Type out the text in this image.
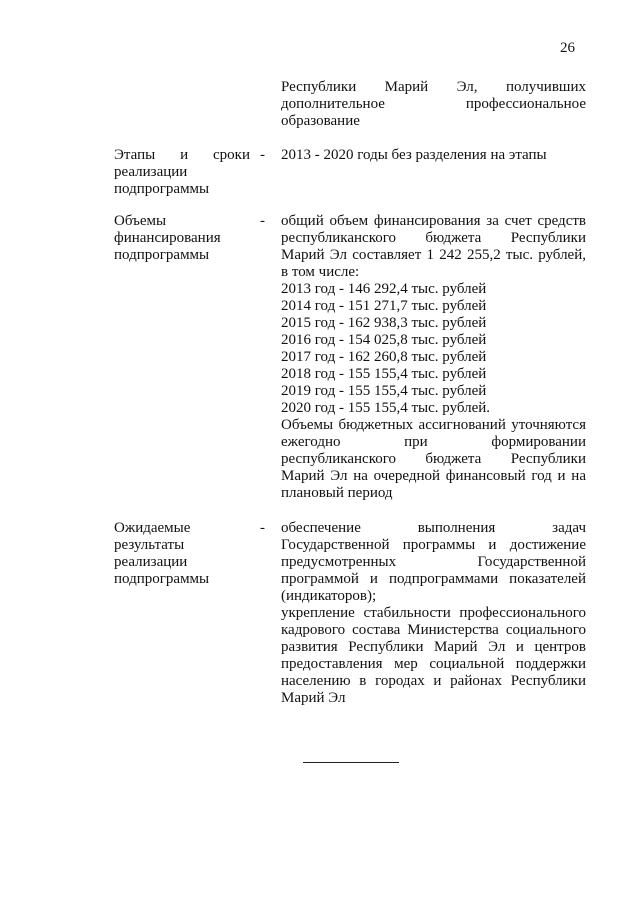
26
Республики Марий Эл, получивших
дополнительное профессиональное
образование
Этапы и сроки
реализации
подпрограммы
- 2013 - 2020 годы без разделения на этапы
Объемы
финансирования
подпрограммы
- общий объем финансирования за счет средств
республиканского бюджета Республики
Марий Эл составляет 1 242 255,2 тыс. рублей,
в том числе:
2013 год - 146 292,4 тыс. рублей
2014 год - 151 271,7 тыс. рублей
2015 год - 162 938,3 тыс. рублей
2016 год - 154 025,8 тыс. рублей
2017 год - 162 260,8 тыс. рублей
2018 год - 155 155,4 тыс. рублей
2019 год - 155 155,4 тыс. рублей
2020 год - 155 155,4 тыс. рублей.
Объемы бюджетных ассигнований уточняются
ежегодно при формировании
республиканского бюджета Республики
Марий Эл на очередной финансовый год и на
плановый период
Ожидаемые
результаты
реализации
подпрограммы
- обеспечение выполнения задач
Государственной программы и достижение
предусмотренных Государственной
программой и подпрограммами показателей
(индикаторов);
укрепление стабильности профессионального
кадрового состава Министерства социального
развития Республики Марий Эл и центров
предоставления мер социальной поддержки
населению в городах и районах Республики
Марий Эл
